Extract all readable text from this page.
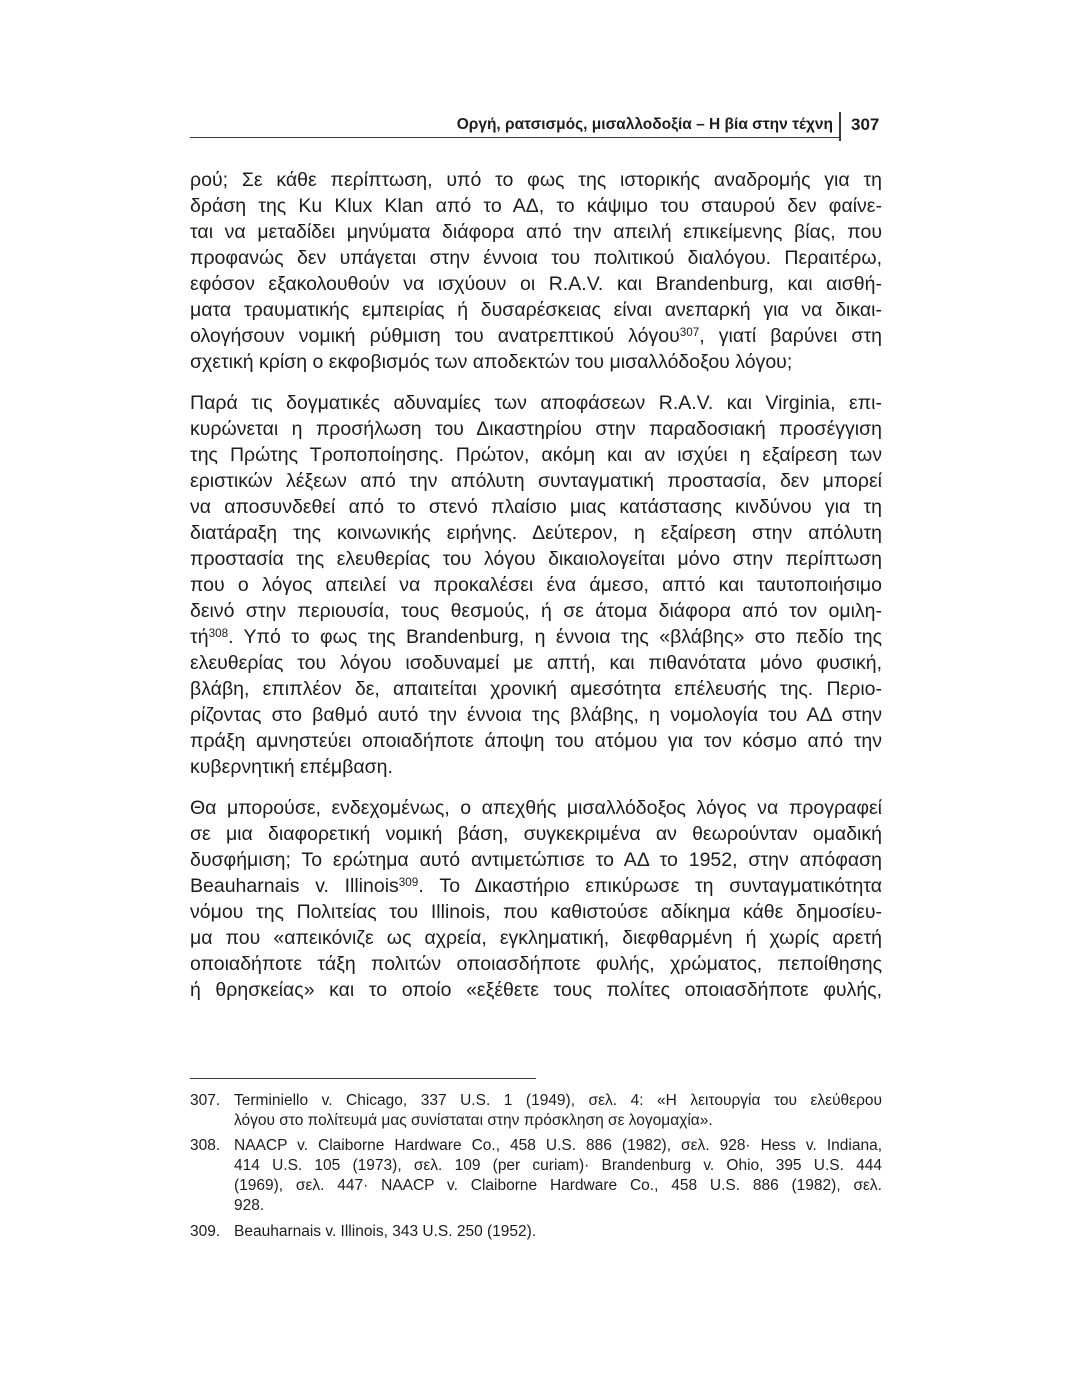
Οργή, ρατσισμός, μισαλλοδοξία – Η βία στην τέχνη 307
ρού; Σε κάθε περίπτωση, υπό το φως της ιστορικής αναδρομής για τη
δράση της Ku Klux Klan από το ΑΔ, το κάψιμο του σταυρού δεν φαίνε-
ται να μεταδίδει μηνύματα διάφορα από την απειλή επικείμενης βίας, που
προφανώς δεν υπάγεται στην έννοια του πολιτικού διαλόγου. Περαιτέρω,
εφόσον εξακολουθούν να ισχύουν οι R.A.V. και Brandenburg, και αισθή-
ματα τραυματικής εμπειρίας ή δυσαρέσκειας είναι ανεπαρκή για να δικαι-
ολογήσουν νομική ρύθμιση του ανατρεπτικού λόγου$^{307}$, γιατί βαρύνει στη
σχετική κρίση ο εκφοβισμός των αποδεκτών του μισαλλόδοξου λόγου;
Παρά τις δογματικές αδυναμίες των αποφάσεων R.A.V. και Virginia, επι-
κυρώνεται η προσήλωση του Δικαστηρίου στην παραδοσιακή προσέγγιση
της Πρώτης Τροποποίησης. Πρώτον, ακόμη και αν ισχύει η εξαίρεση των
εριστικών λέξεων από την απόλυτη συνταγματική προστασία, δεν μπορεί
να αποσυνδεθεί από το στενό πλαίσιο μιας κατάστασης κινδύνου για τη
διατάραξη της κοινωνικής ειρήνης. Δεύτερον, η εξαίρεση στην απόλυτη
προστασία της ελευθερίας του λόγου δικαιολογείται μόνο στην περίπτωση
που ο λόγος απειλεί να προκαλέσει ένα άμεσο, απτό και ταυτοποιήσιμο
δεινό στην περιουσία, τους θεσμούς, ή σε άτομα διάφορα από τον ομιλη-
τή$^{308}$. Υπό το φως της Brandenburg, η έννοια της «βλάβης» στο πεδίο της
ελευθερίας του λόγου ισοδυναμεί με απτή, και πιθανότατα μόνο φυσική,
βλάβη, επιπλέον δε, απαιτείται χρονική αμεσότητα επέλευσής της. Περιο-
ρίζοντας στο βαθμό αυτό την έννοια της βλάβης, η νομολογία του ΑΔ στην
πράξη αμνηστεύει οποιαδήποτε άποψη του ατόμου για τον κόσμο από την
κυβερνητική επέμβαση.
Θα μπορούσε, ενδεχομένως, ο απεχθής μισαλλόδοξος λόγος να προγραφεί
σε μια διαφορετική νομική βάση, συγκεκριμένα αν θεωρούνταν ομαδική
δυσφήμιση; Το ερώτημα αυτό αντιμετώπισε το ΑΔ το 1952, στην απόφαση
Beauharnais v. Illinois$^{309}$. Το Δικαστήριο επικύρωσε τη συνταγματικότητα
νόμου της Πολιτείας του Illinois, που καθιστούσε αδίκημα κάθε δημοσίευ-
μα που «απεικόνιζε ως αχρεία, εγκληματική, διεφθαρμένη ή χωρίς αρετή
οποιαδήποτε τάξη πολιτών οποιασδήποτε φυλής, χρώματος, πεποίθησης
ή θρησκείας» και το οποίο «εξέθετε τους πολίτες οποιασδήποτε φυλής,
307. Terminiello v. Chicago, 337 U.S. 1 (1949), σελ. 4: «Η λειτουργία του ελεύθερου
λόγου στο πολίτευμά μας συνίσταται στην πρόσκληση σε λογομαχία».
308. NAACP v. Claiborne Hardware Co., 458 U.S. 886 (1982), σελ. 928· Hess v. Indiana,
414 U.S. 105 (1973), σελ. 109 (per curiam)· Brandenburg v. Ohio, 395 U.S. 444
(1969), σελ. 447· NAACP v. Claiborne Hardware Co., 458 U.S. 886 (1982), σελ.
928.
309. Beauharnais v. Illinois, 343 U.S. 250 (1952).
